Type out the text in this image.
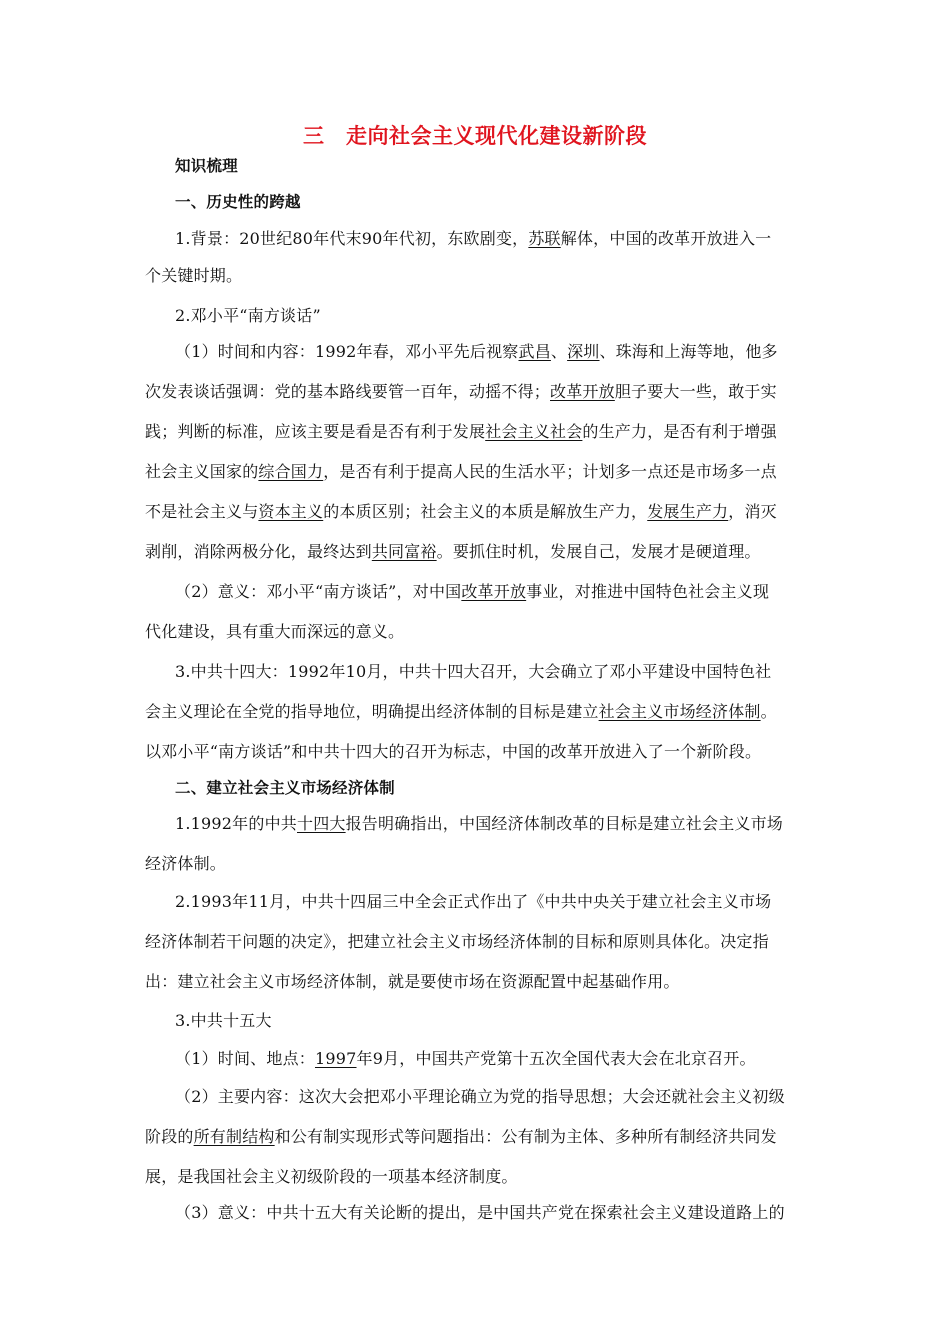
三　走向社会主义现代化建设新阶段
知识梳理
一、历史性的跨越
1.背景：20世纪80年代末90年代初，东欧剧变，苏联解体，中国的改革开放进入一
个关键时期。
2.邓小平“南方谈话”
（1）时间和内容：1992年春，邓小平先后视察武昌、深圳、珠海和上海等地，他多
次发表谈话强调：党的基本路线要管一百年，动摇不得；改革开放胆子要大一些，敢于实
践；判断的标准，应该主要是看是否有利于发展社会主义社会的生产力，是否有利于增强
社会主义国家的综合国力，是否有利于提高人民的生活水平；计划多一点还是市场多一点
不是社会主义与资本主义的本质区别；社会主义的本质是解放生产力，发展生产力，消灭
剥削，消除两极分化，最终达到共同富裕。要抓住时机，发展自己，发展才是硬道理。
（2）意义：邓小平“南方谈话”，对中国改革开放事业，对推进中国特色社会主义现
代化建设，具有重大而深远的意义。
3.中共十四大：1992年10月，中共十四大召开，大会确立了邓小平建设中国特色社
会主义理论在全党的指导地位，明确提出经济体制的目标是建立社会主义市场经济体制。
以邓小平“南方谈话”和中共十四大的召开为标志，中国的改革开放进入了一个新阶段。
二、建立社会主义市场经济体制
1.1992年的中共十四大报告明确指出，中国经济体制改革的目标是建立社会主义市场
经济体制。
2.1993年11月，中共十四届三中全会正式作出了《中共中央关于建立社会主义市场
经济体制若干问题的决定》，把建立社会主义市场经济体制的目标和原则具体化。决定指
出：建立社会主义市场经济体制，就是要使市场在资源配置中起基础作用。
3.中共十五大
（1）时间、地点：1997年9月，中国共产党第十五次全国代表大会在北京召开。
（2）主要内容：这次大会把邓小平理论确立为党的指导思想；大会还就社会主义初级
阶段的所有制结构和公有制实现形式等问题指出：公有制为主体、多种所有制经济共同发
展，是我国社会主义初级阶段的一项基本经济制度。
（3）意义：中共十五大有关论断的提出，是中国共产党在探索社会主义建设道路上的
